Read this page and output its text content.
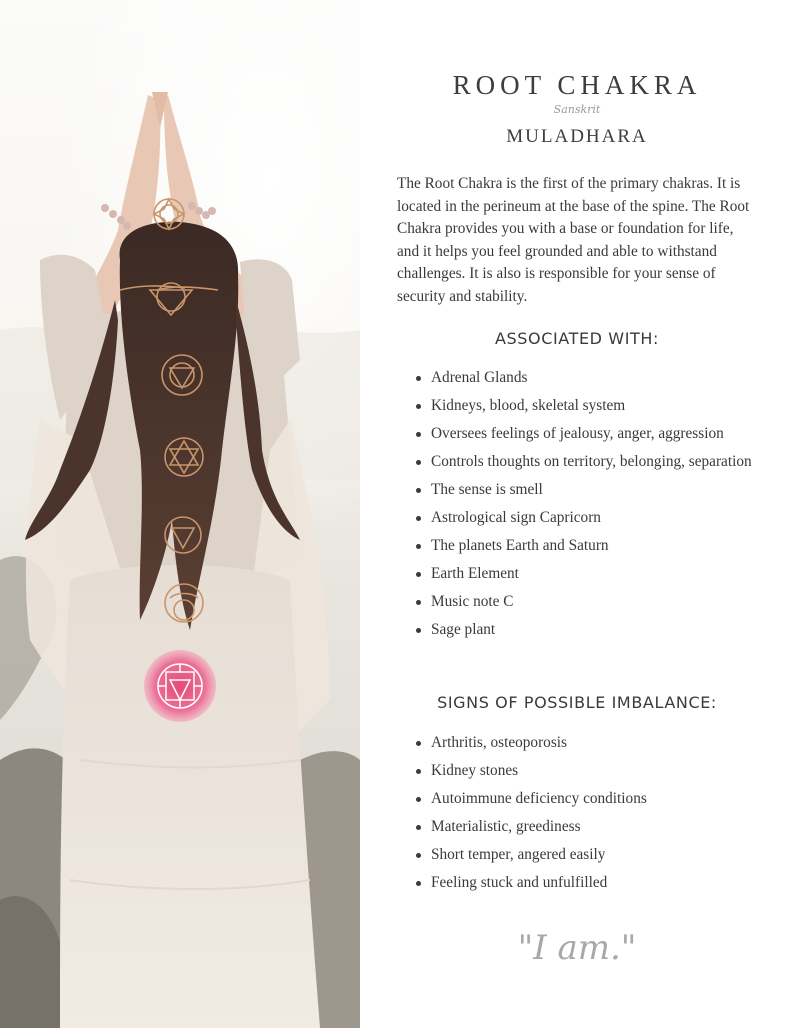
ROOT CHAKRA

Sanskrit

MULADHARA

The Root Chakra is the first of the primary chakras. It is located in the perineum at the base of the spine. The Root Chakra provides you with a base or foundation for life, and it helps you feel grounded and able to withstand challenges. It is also is responsible for your sense of security and stability.

ASSOCIATED WITH:
Adrenal Glands
Kidneys, blood, skeletal system
Oversees feelings of jealousy, anger, aggression
Controls thoughts on territory, belonging, separation
The sense is smell
Astrological sign Capricorn
The planets Earth and Saturn
Earth Element
Music note C
Sage plant
SIGNS OF POSSIBLE IMBALANCE:
Arthritis, osteoporosis
Kidney stones
Autoimmune deficiency conditions
Materialistic, greediness
Short temper, angered easily
Feeling stuck and unfulfilled

"I am."
